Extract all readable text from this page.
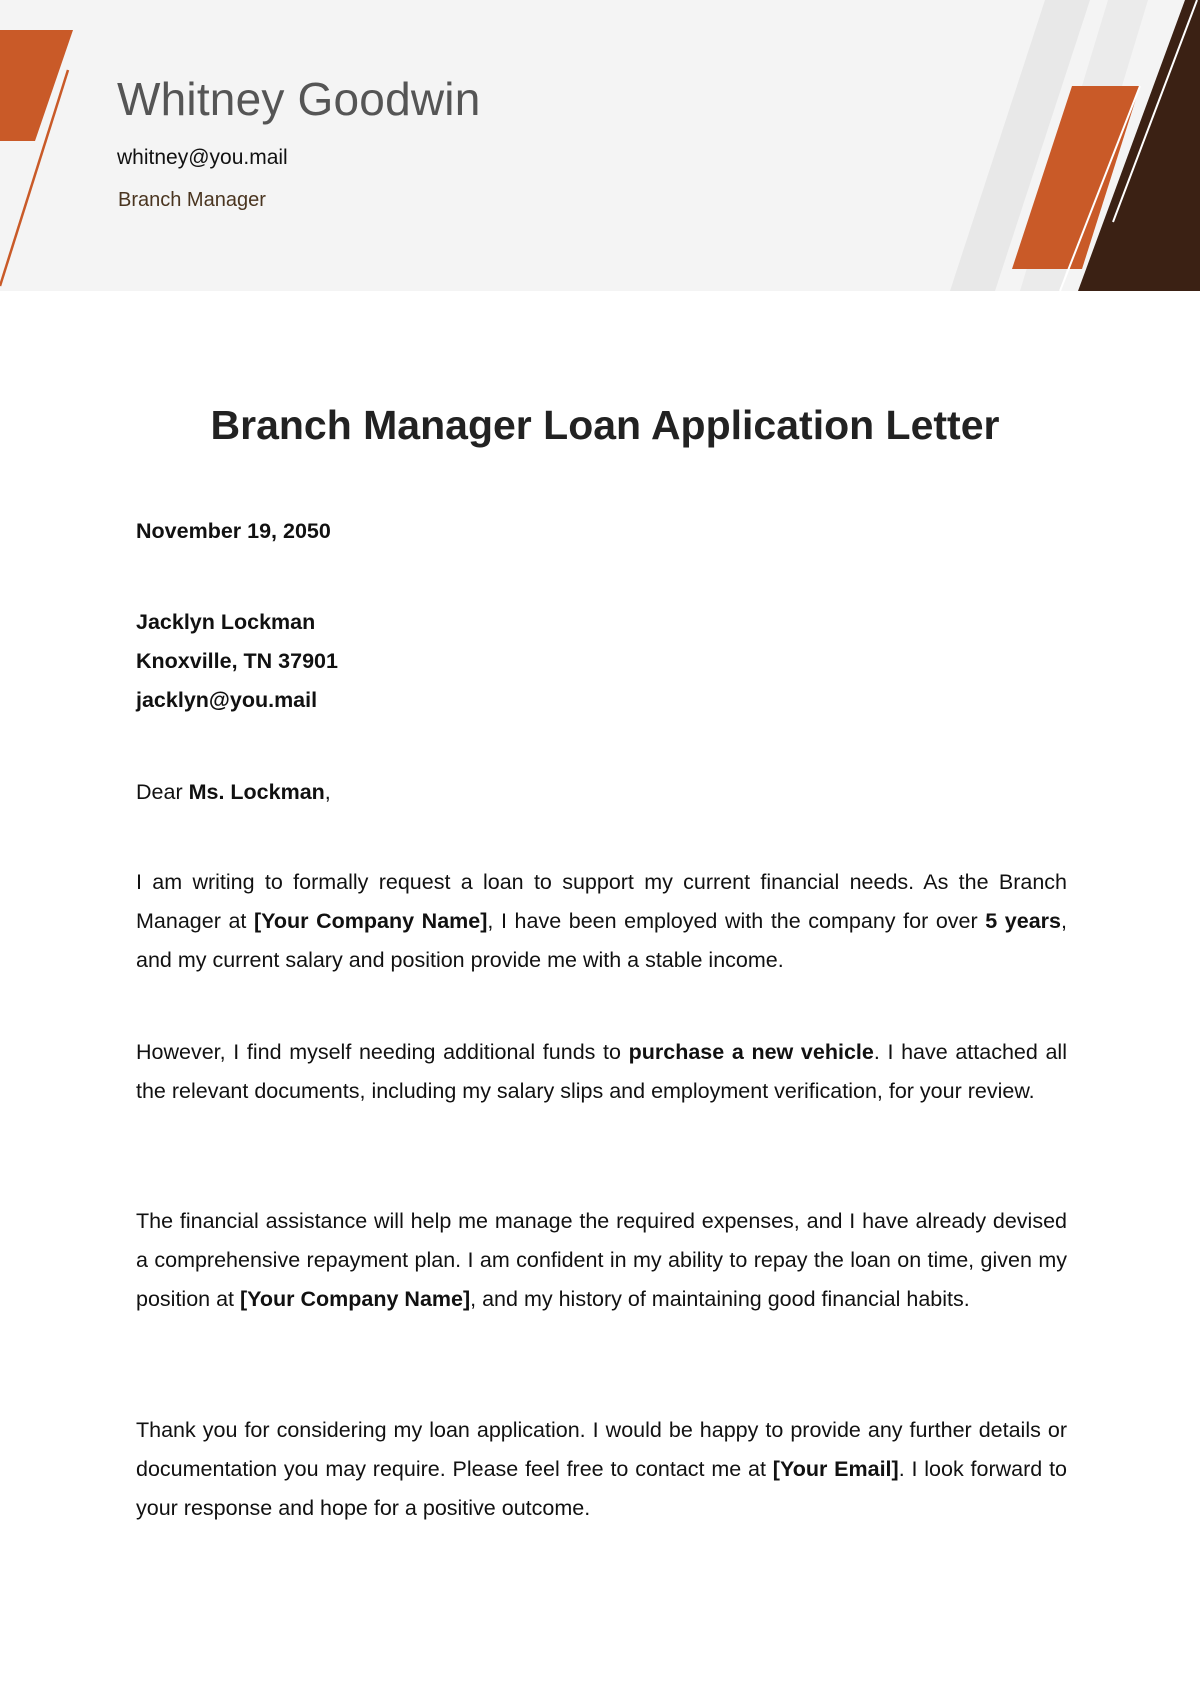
Whitney Goodwin
whitney@you.mail
Branch Manager
Branch Manager Loan Application Letter
November 19, 2050
Jacklyn Lockman
Knoxville, TN 37901
jacklyn@you.mail
Dear Ms. Lockman,

I am writing to formally request a loan to support my current financial needs. As the Branch Manager at [Your Company Name], I have been employed with the company for over 5 years, and my current salary and position provide me with a stable income.

However, I find myself needing additional funds to purchase a new vehicle. I have attached all the relevant documents, including my salary slips and employment verification, for your review.

The financial assistance will help me manage the required expenses, and I have already devised a comprehensive repayment plan. I am confident in my ability to repay the loan on time, given my position at [Your Company Name], and my history of maintaining good financial habits.

Thank you for considering my loan application. I would be happy to provide any further details or documentation you may require. Please feel free to contact me at [Your Email]. I look forward to your response and hope for a positive outcome.
